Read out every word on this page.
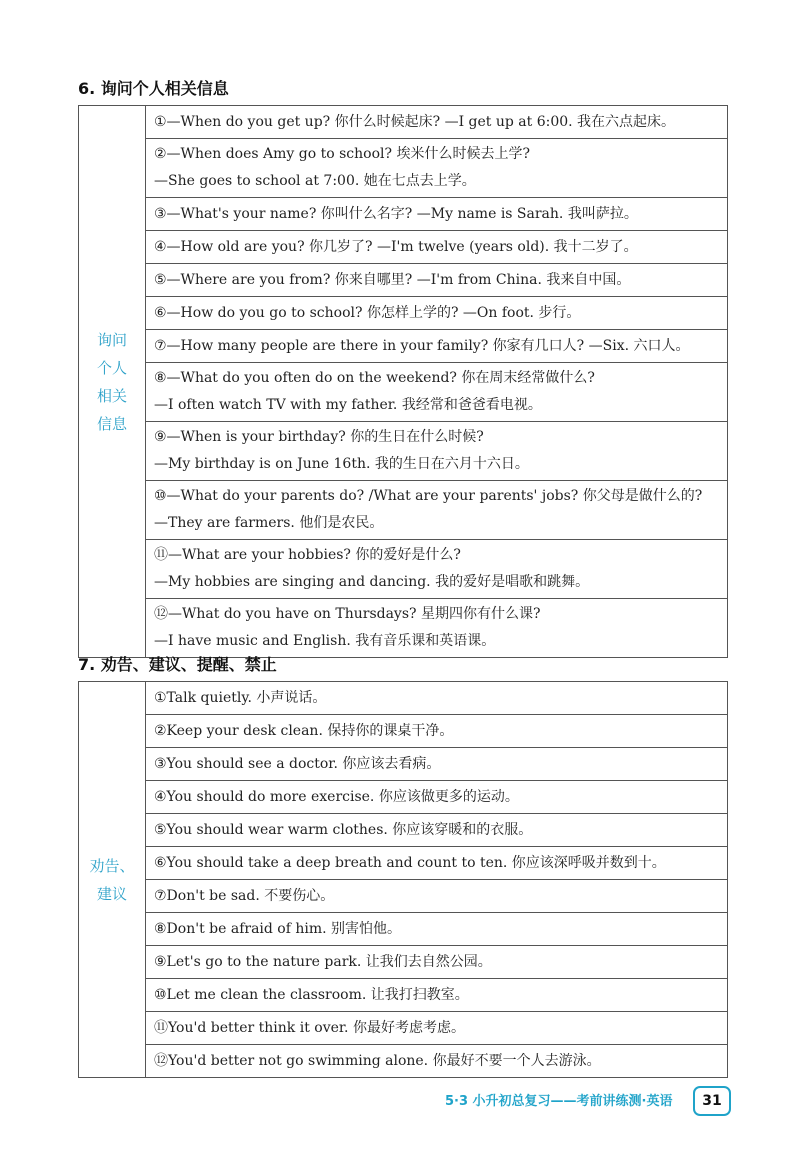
6. 询问个人相关信息
询问
个人
相关
信息

①—When do you get up? 你什么时候起床? —I get up at 6:00. 我在六点起床。

②—When does Amy go to school? 埃米什么时候去上学?
—She goes to school at 7:00. 她在七点去上学。

③—What's your name? 你叫什么名字? —My name is Sarah. 我叫萨拉。

④—How old are you? 你几岁了? —I'm twelve (years old). 我十二岁了。

⑤—Where are you from? 你来自哪里? —I'm from China. 我来自中国。

⑥—How do you go to school? 你怎样上学的? —On foot. 步行。

⑦—How many people are there in your family? 你家有几口人? —Six. 六口人。

⑧—What do you often do on the weekend? 你在周末经常做什么?
—I often watch TV with my father. 我经常和爸爸看电视。

⑨—When is your birthday? 你的生日在什么时候?
—My birthday is on June 16th. 我的生日在六月十六日。

⑩—What do your parents do? /What are your parents' jobs? 你父母是做什么的?
—They are farmers. 他们是农民。

⑪—What are your hobbies? 你的爱好是什么?
—My hobbies are singing and dancing. 我的爱好是唱歌和跳舞。

⑫—What do you have on Thursdays? 星期四你有什么课?
—I have music and English. 我有音乐课和英语课。
7. 劝告、建议、提醒、禁止
劝告、
建议

①Talk quietly. 小声说话。

②Keep your desk clean. 保持你的课桌干净。

③You should see a doctor. 你应该去看病。

④You should do more exercise. 你应该做更多的运动。

⑤You should wear warm clothes. 你应该穿暖和的衣服。

⑥You should take a deep breath and count to ten. 你应该深呼吸并数到十。

⑦Don't be sad. 不要伤心。

⑧Don't be afraid of him. 别害怕他。

⑨Let's go to the nature park. 让我们去自然公园。

⑩Let me clean the classroom. 让我打扫教室。

⑪You'd better think it over. 你最好考虑考虑。

⑫You'd better not go swimming alone. 你最好不要一个人去游泳。
5·3 小升初总复习——考前讲练测·英语	31
